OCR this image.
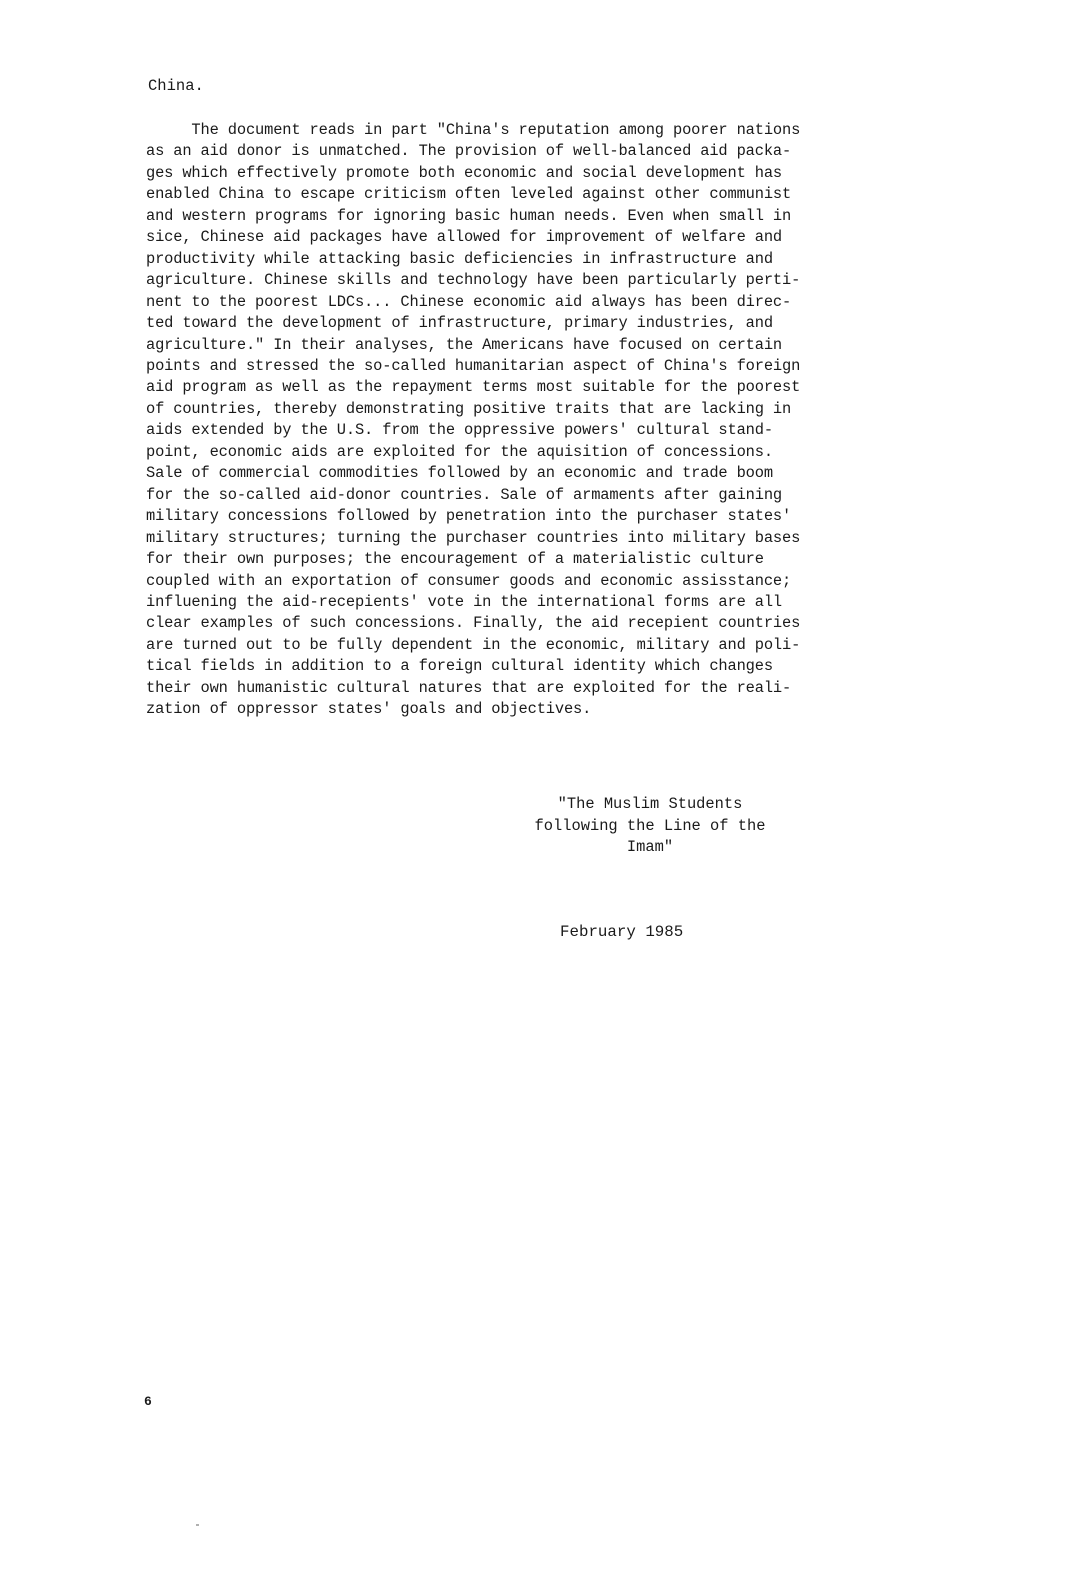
China.

The document reads in part "China's reputation among poorer nations
as an aid donor is unmatched. The provision of well-balanced aid packa-
ges which effectively promote both economic and social development has
enabled China to escape criticism often leveled against other communist
and western programs for ignoring basic human needs. Even when small in
sice, Chinese aid packages have allowed for improvement of welfare and
productivity while attacking basic deficiencies in infrastructure and
agriculture. Chinese skills and technology have been particularly perti-
nent to the poorest LDCs... Chinese economic aid always has been direc-
ted toward the development of infrastructure, primary industries, and
agriculture." In their analyses, the Americans have focused on certain
points and stressed the so-called humanitarian aspect of China's foreign
aid program as well as the repayment terms most suitable for the poorest
of countries, thereby demonstrating positive traits that are lacking in
aids extended by the U.S. from the oppressive powers' cultural stand-
point, economic aids are exploited for the aquisition of concessions.
Sale of commercial commodities followed by an economic and trade boom
for the so-called aid-donor countries. Sale of armaments after gaining
military concessions followed by penetration into the purchaser states'
military structures; turning the purchaser countries into military bases
for their own purposes; the encouragement of a materialistic culture
coupled with an exportation of consumer goods and economic assisstance;
influening the aid-recepients' vote in the international forms are all
clear examples of such concessions. Finally, the aid recepient countries
are turned out to be fully dependent in the economic, military and poli-
tical fields in addition to a foreign cultural identity which changes
their own humanistic cultural natures that are exploited for the reali-
zation of oppressor states' goals and objectives.
"The Muslim Students
following the Line of the
Imam"
February 1985
6
